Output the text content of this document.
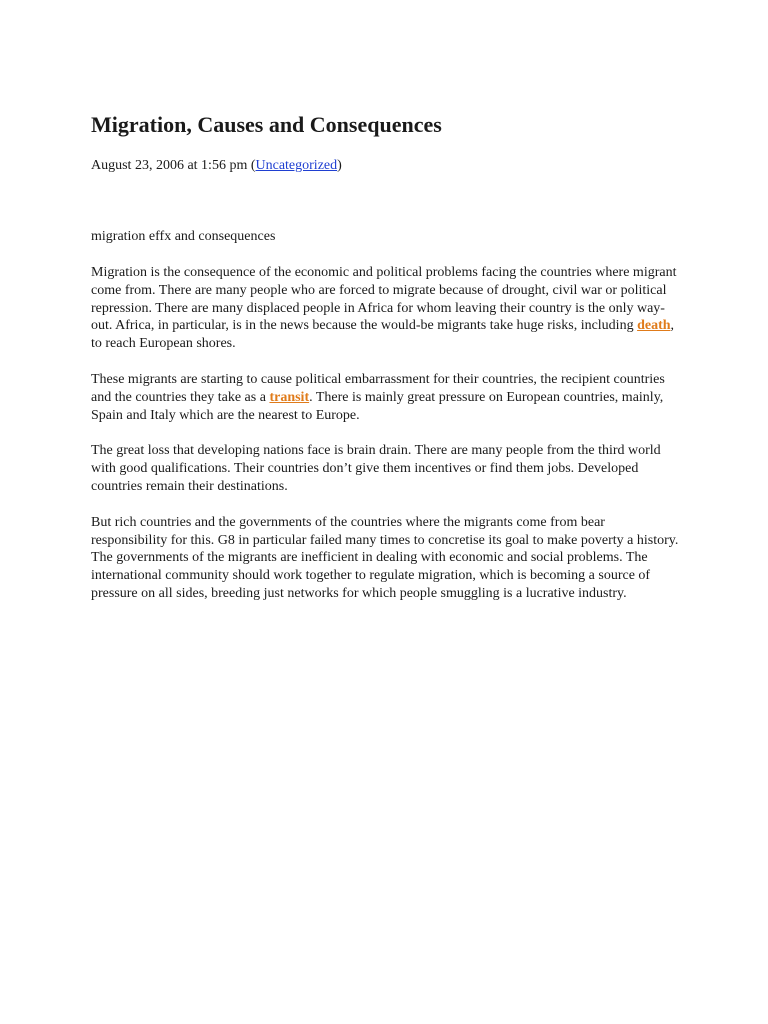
Migration, Causes and Consequences
August 23, 2006 at 1:56 pm (Uncategorized)
migration effx and consequences

Migration is the consequence of the economic and political problems facing the countries where migrant come from. There are many people who are forced to migrate because of drought, civil war or political repression. There are many displaced people in Africa for whom leaving their country is the only way-out. Africa, in particular, is in the news because the would-be migrants take huge risks, including death, to reach European shores.

These migrants are starting to cause political embarrassment for their countries, the recipient countries and the countries they take as a transit. There is mainly great pressure on European countries, mainly, Spain and Italy which are the nearest to Europe.

The great loss that developing nations face is brain drain. There are many people from the third world with good qualifications. Their countries don’t give them incentives or find them jobs. Developed countries remain their destinations.

But rich countries and the governments of the countries where the migrants come from bear responsibility for this. G8 in particular failed many times to concretise its goal to make poverty a history. The governments of the migrants are inefficient in dealing with economic and social problems. The international community should work together to regulate migration, which is becoming a source of pressure on all sides, breeding just networks for which people smuggling is a lucrative industry.
